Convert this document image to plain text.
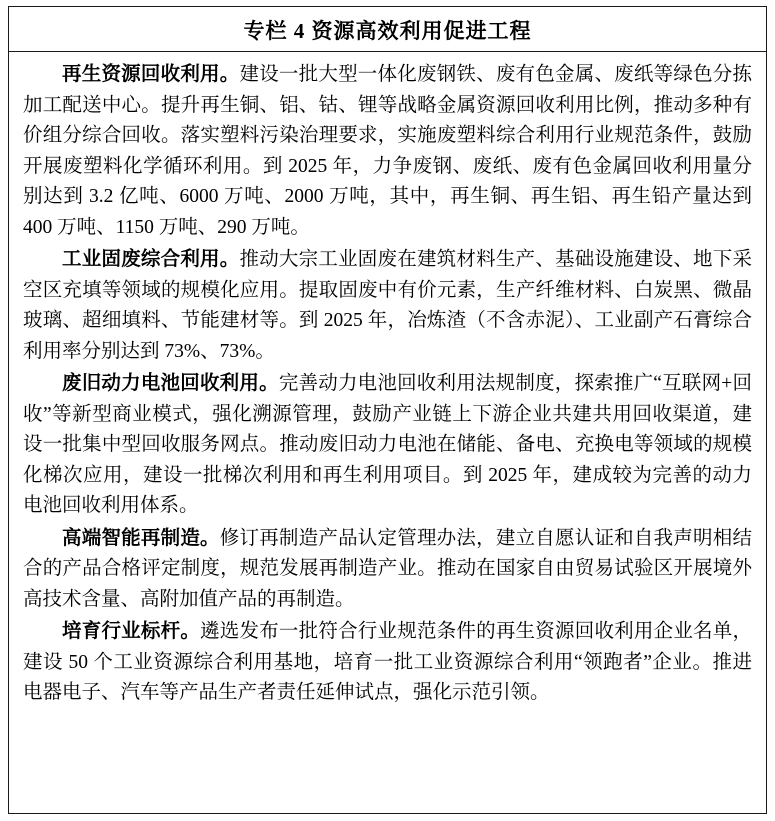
专栏 4 资源高效利用促进工程

再生资源回收利用。建设一批大型一体化废钢铁、废有色金属、废纸等绿色分拣加工配送中心。提升再生铜、铝、钴、锂等战略金属资源回收利用比例，推动多种有价组分综合回收。落实塑料污染治理要求，实施废塑料综合利用行业规范条件，鼓励开展废塑料化学循环利用。到 2025 年，力争废钢、废纸、废有色金属回收利用量分别达到 3.2 亿吨、6000 万吨、2000 万吨，其中，再生铜、再生铝、再生铅产量达到 400 万吨、1150 万吨、290 万吨。

工业固废综合利用。推动大宗工业固废在建筑材料生产、基础设施建设、地下采空区充填等领域的规模化应用。提取固废中有价元素，生产纤维材料、白炭黑、微晶玻璃、超细填料、节能建材等。到 2025 年，冶炼渣（不含赤泥）、工业副产石膏综合利用率分别达到 73%、73%。

废旧动力电池回收利用。完善动力电池回收利用法规制度，探索推广“互联网+回收”等新型商业模式，强化溯源管理，鼓励产业链上下游企业共建共用回收渠道，建设一批集中型回收服务网点。推动废旧动力电池在储能、备电、充换电等领域的规模化梯次应用，建设一批梯次利用和再生利用项目。到 2025 年，建成较为完善的动力电池回收利用体系。

高端智能再制造。修订再制造产品认定管理办法，建立自愿认证和自我声明相结合的产品合格评定制度，规范发展再制造产业。推动在国家自由贸易试验区开展境外高技术含量、高附加值产品的再制造。

培育行业标杆。遴选发布一批符合行业规范条件的再生资源回收利用企业名单，建设 50 个工业资源综合利用基地，培育一批工业资源综合利用“领跑者”企业。推进电器电子、汽车等产品生产者责任延伸试点，强化示范引领。
